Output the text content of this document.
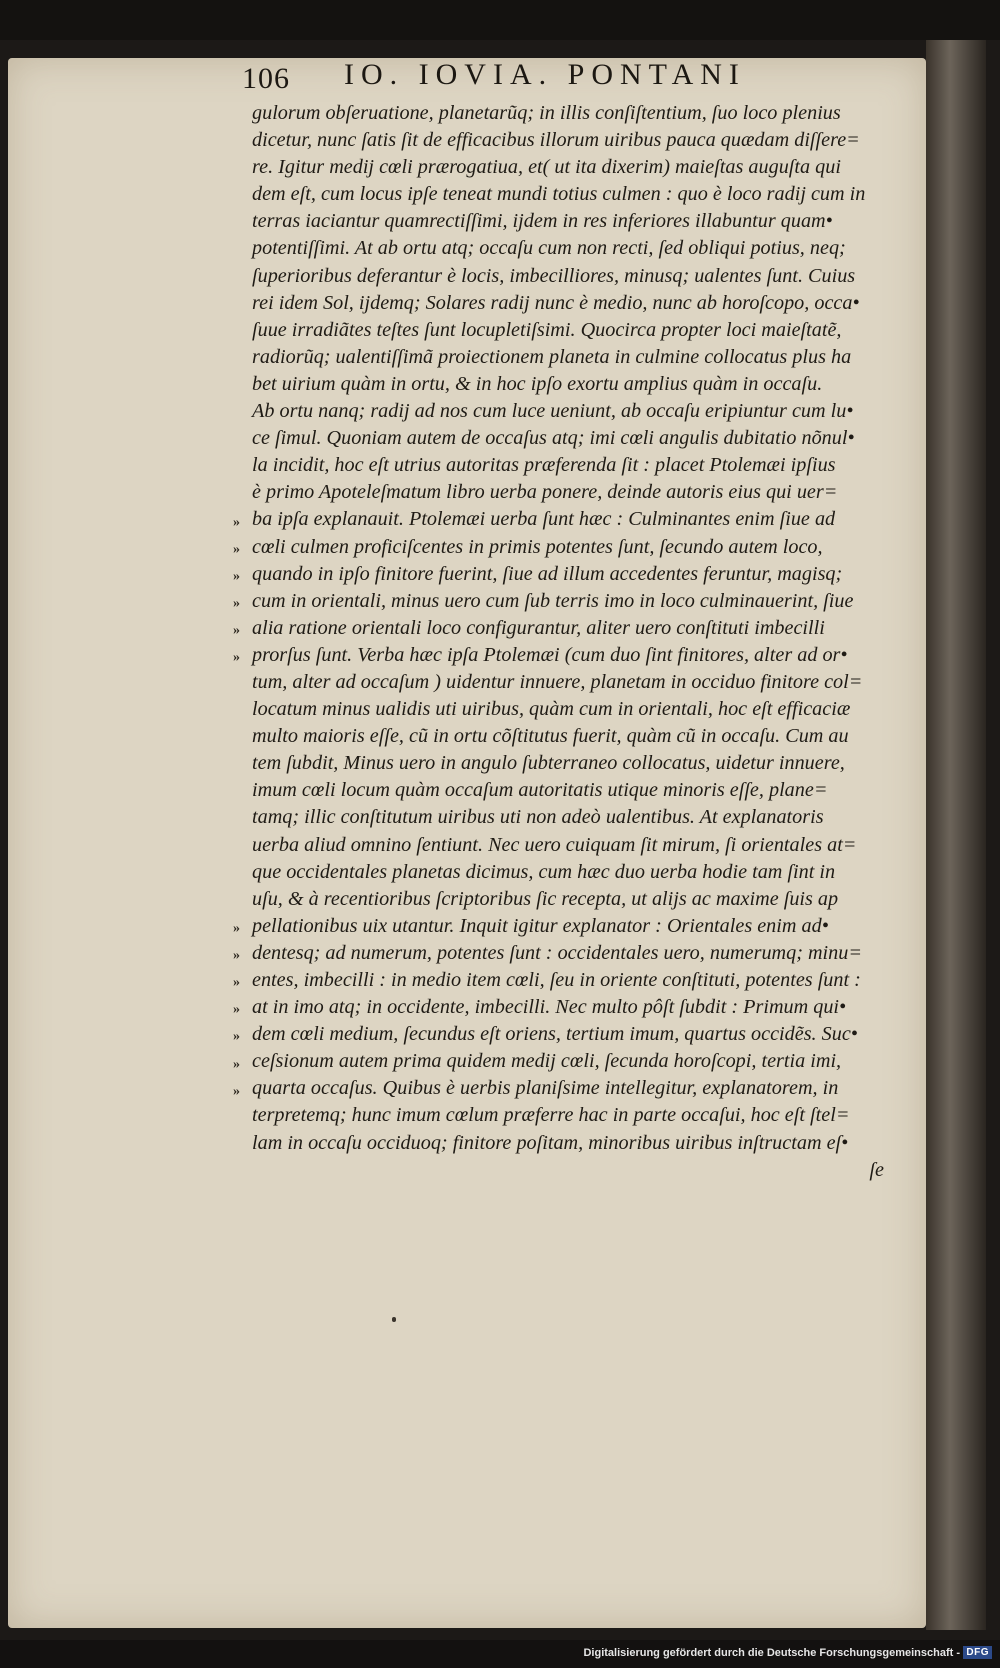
106 IO. IOVIA. PONTANI
gulorum obſeruatione, planetarũq; in illis conſiſtentium, ſuo loco plenius
dicetur, nunc ſatis ſit de efficacibus illorum uiribus pauca quædam diſſere=
re. Igitur medij cœli prærogatiua, et( ut ita dixerim) maieſtas auguſta qui
dem eſt, cum locus ipſe teneat mundi totius culmen : quo è loco radij cum in
terras iaciantur quamrectiſſimi, ijdem in res inferiores illabuntur quam•
potentiſſimi. At ab ortu atq; occaſu cum non recti, ſed obliqui potius, neq;
ſuperioribus deferantur è locis, imbecilliores, minusq; ualentes ſunt. Cuius
rei idem Sol, ijdemq; Solares radij nunc è medio, nunc ab horoſcopo, occa•
ſuue irradiãtes teſtes ſunt locupletiſsimi. Quocirca propter loci maieſtatẽ,
radiorũq; ualentiſſimã proiectionem planeta in culmine collocatus plus ha
bet uirium quàm in ortu, & in hoc ipſo exortu amplius quàm in occaſu.
Ab ortu nanq; radij ad nos cum luce ueniunt, ab occaſu eripiuntur cum lu•
ce ſimul. Quoniam autem de occaſus atq; imi cœli angulis dubitatio nõnul•
la incidit, hoc eſt utrius autoritas præferenda ſit : placet Ptolemæi ipſius
è primo Apoteleſmatum libro uerba ponere, deinde autoris eius qui uer=
ba ipſa explanauit. Ptolemæi uerba ſunt hæc : Culminantes enim ſiue ad
cœli culmen proficiſcentes in primis potentes ſunt, ſecundo autem loco,
quando in ipſo finitore fuerint, ſiue ad illum accedentes feruntur, magisq;
cum in orientali, minus uero cum ſub terris imo in loco culminauerint, ſiue
alia ratione orientali loco configurantur, aliter uero conſtituti imbecilli
prorſus ſunt. Verba hæc ipſa Ptolemæi (cum duo ſint finitores, alter ad or•
tum, alter ad occaſum ) uidentur innuere, planetam in occiduo finitore col=
locatum minus ualidis uti uiribus, quàm cum in orientali, hoc eſt efficaciæ
multo maioris eſſe, cũ in ortu cõſtitutus fuerit, quàm cũ in occaſu. Cum au
tem ſubdit, Minus uero in angulo ſubterraneo collocatus, uidetur innuere,
imum cœli locum quàm occaſum autoritatis utique minoris eſſe, plane=
tamq; illic conſtitutum uiribus uti non adeò ualentibus. At explanatoris
uerba aliud omnino ſentiunt. Nec uero cuiquam ſit mirum, ſi orientales at=
que occidentales planetas dicimus, cum hæc duo uerba hodie tam ſint in
uſu, & à recentioribus ſcriptoribus ſic recepta, ut alijs ac maxime ſuis ap
pellationibus uix utantur. Inquit igitur explanator : Orientales enim ad•
dentesq; ad numerum, potentes ſunt : occidentales uero, numerumq; minu=
entes, imbecilli : in medio item cœli, ſeu in oriente conſtituti, potentes ſunt :
at in imo atq; in occidente, imbecilli. Nec multo pôſt ſubdit : Primum qui•
dem cœli medium, ſecundus eſt oriens, tertium imum, quartus occidẽs. Suc•
ceſsionum autem prima quidem medij cœli, ſecunda horoſcopi, tertia imi,
quarta occaſus. Quibus è uerbis planiſsime intellegitur, explanatorem, in
terpretemq; hunc imum cœlum præferre hac in parte occaſui, hoc eſt ſtel=
lam in occaſu occiduoq; finitore poſitam, minoribus uiribus inſtructam eſ•
ſe
»
»
»
»
»
»
»
»
»
»
»
»
»
Digitalisierung gefördert durch die Deutsche Forschungsgemeinschaft - DFG
